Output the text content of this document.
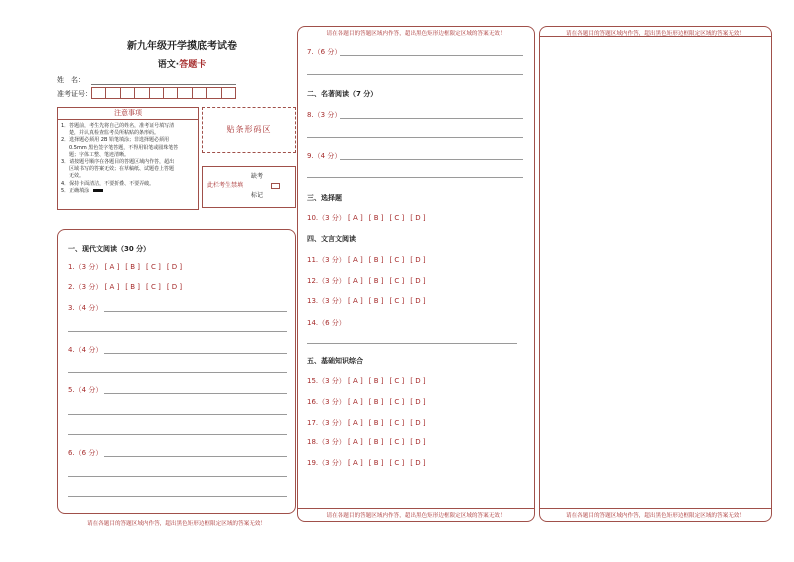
新九年级开学摸底考试卷
语文·答题卡
姓　名：
准考证号：
注意事项
1．答题前，考生先将自己的姓名，准考证号填写清
楚，并认真检查监考员所粘贴的条形码。
2．选择题必须用 2B 铅笔填涂；非选择题必须用
0.5mm 黑色签字笔答题，不得用铅笔或圆珠笔答
题；字体工整、笔迹清晰。
3．请按题号顺序在各题目的答题区域内作答，超出
区域书写的答案无效；在草稿纸、试题卷上答题
无效。
4．保持卡面清洁，不要折叠、不要弄破。
5．正确填涂
贴条形码区
此栏考生禁填
缺考
标记
一、现代文阅读（30 分）
1.（3 分） [ A ] [ B ] [ C ] [ D ]
2.（3 分） [ A ] [ B ] [ C ] [ D ]
3.（4 分）
4.（4 分）
5.（4 分）
6.（6 分）
请在各题目的答题区域内作答，超出黑色矩形边框限定区域的答案无效！
请在各题目的答题区域内作答，超出黑色矩形边框限定区域的答案无效！
7.（6 分）
二、名著阅读（7 分）
8.（3 分）
9.（4 分）
三、选择题
10.（3 分） [ A ] [ B ] [ C ] [ D ]
四、文言文阅读
11.（3 分） [ A ] [ B ] [ C ] [ D ]
12.（3 分） [ A ] [ B ] [ C ] [ D ]
13.（3 分） [ A ] [ B ] [ C ] [ D ]
14.（6 分）
五、基础知识综合
15.（3 分） [ A ] [ B ] [ C ] [ D ]
16.（3 分） [ A ] [ B ] [ C ] [ D ]
17.（3 分） [ A ] [ B ] [ C ] [ D ]
18.（3 分） [ A ] [ B ] [ C ] [ D ]
19.（3 分） [ A ] [ B ] [ C ] [ D ]
请在各题目的答题区域内作答，超出黑色矩形边框限定区域的答案无效！
请在各题目的答题区域内作答，超出黑色矩形边框限定区域的答案无效！
请在各题目的答题区域内作答，超出黑色矩形边框限定区域的答案无效！
